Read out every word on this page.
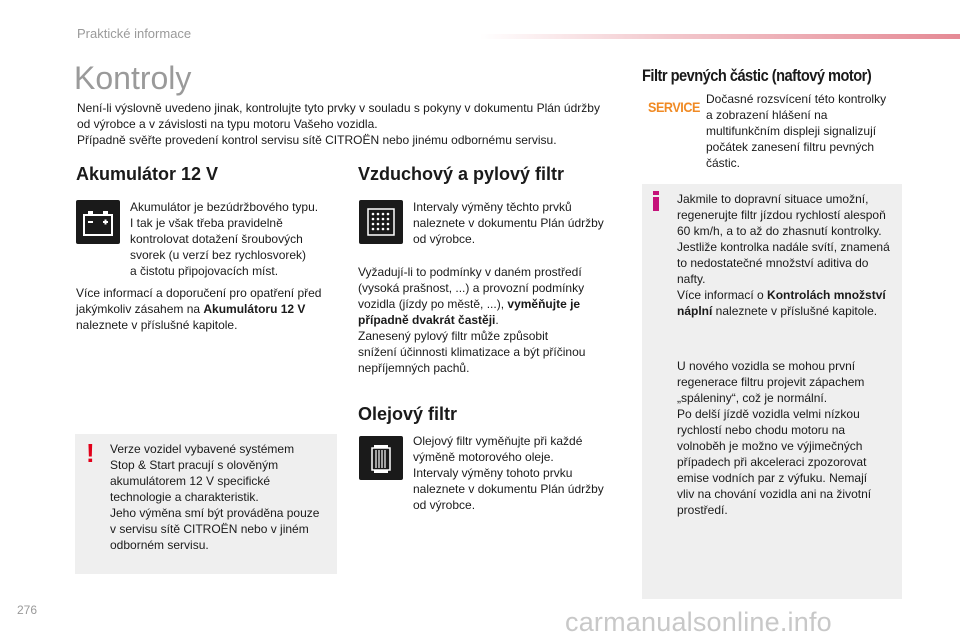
Praktické informace
Kontroly

Není-li výslovně uvedeno jinak, kontrolujte tyto prvky v souladu s pokyny v dokumentu Plán údržby

od výrobce a v závislosti na typu motoru Vašeho vozidla.

Případně svěřte provedení kontrol servisu sítě CITROËN nebo jinému odbornému servisu.

Akumulátor 12 V

Akumulátor je bezúdržbového typu.

I tak je však třeba pravidelně

kontrolovat dotažení šroubových

svorek (u verzí bez rychlosvorek)

a čistotu připojovacích míst.

Více informací a doporučení pro opatření před

jakýmkoliv zásahem na Akumulátoru 12 V

naleznete v příslušné kapitole.

! Verze vozidel vybavené systémem

Stop & Start pracují s olověným

akumulátorem 12 V specifické

technologie a charakteristik.

Jeho výměna smí být prováděna pouze

v servisu sítě CITROËN nebo v jiném

odborném servisu.

Vzduchový a pylový filtr

Intervaly výměny těchto prvků

naleznete v dokumentu Plán údržby

od výrobce.

Vyžadují-li to podmínky v daném prostředí

(vysoká prašnost, ...) a provozní podmínky

vozidla (jízdy po městě, ...), vyměňujte je

případně dvakrát častěji.

Zanesený pylový filtr může způsobit

snížení účinnosti klimatizace a být příčinou

nepříjemných pachů.

Olejový filtr

Olejový filtr vyměňujte při každé

výměně motorového oleje.

Intervaly výměny tohoto prvku

naleznete v dokumentu Plán údržby

od výrobce.

Filtr pevných částic (naftový motor)
SERVICE Dočasné rozsvícení této kontrolky

a zobrazení hlášení na

multifunkčním displeji signalizují

počátek zanesení filtru pevných

částic.

Jakmile to dopravní situace umožní,

regenerujte filtr jízdou rychlostí alespoň

60 km/h, a to až do zhasnutí kontrolky.

Jestliže kontrolka nadále svítí, znamená

to nedostatečné množství aditiva do

nafty.

Více informací o Kontrolách množství

náplní naleznete v příslušné kapitole.

U nového vozidla se mohou první

regenerace filtru projevit zápachem

„spáleniny“, což je normální.

Po delší jízdě vozidla velmi nízkou

rychlostí nebo chodu motoru na

volnoběh je možno ve výjimečných

případech při akceleraci zpozorovat

emise vodních par z výfuku. Nemají

vliv na chování vozidla ani na životní

prostředí.

276	carmanualsonline.info
